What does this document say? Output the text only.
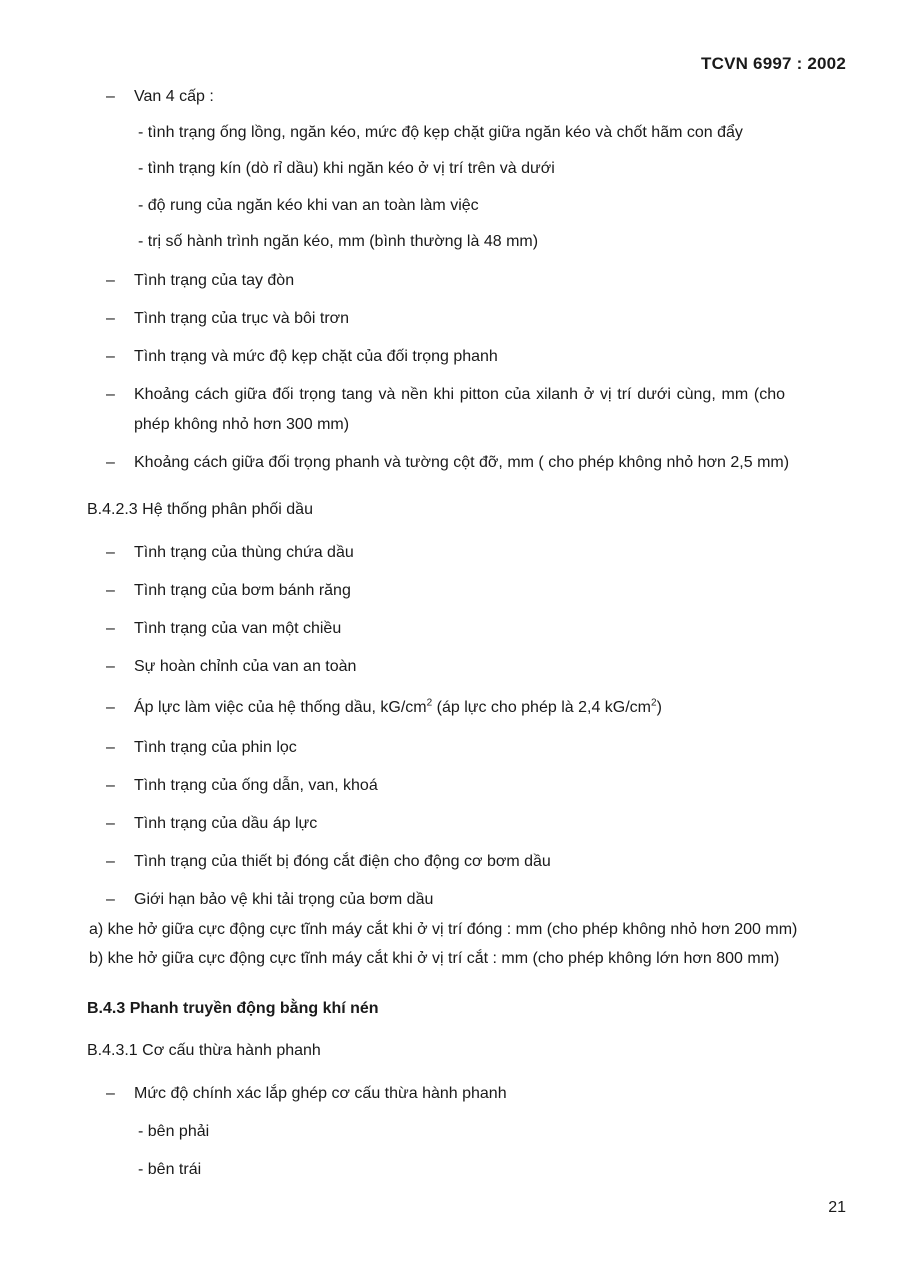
TCVN 6997 : 2002
– Van 4 cấp :
- tình trạng ống lồng, ngăn kéo, mức độ kẹp chặt giữa ngăn kéo và chốt hãm con đẩy
- tình trạng kín (dò rỉ dầu) khi ngăn kéo ở vị trí trên và dưới
- độ rung của ngăn kéo khi van an toàn làm việc
- trị số hành trình ngăn kéo, mm (bình thường là 48 mm)
– Tình trạng của tay đòn
– Tình trạng của trục và bôi trơn
– Tình trạng và mức độ kẹp chặt của đối trọng phanh
– Khoảng cách giữa đối trọng tang và nền khi pitton của xilanh ở vị trí dưới cùng, mm (cho
phép không nhỏ hơn 300 mm)
– Khoảng cách giữa đối trọng phanh và tường cột đỡ, mm ( cho phép không nhỏ hơn 2,5 mm)
B.4.2.3 Hệ thống phân phối dầu
– Tình trạng của thùng chứa dầu
– Tình trạng của bơm bánh răng
– Tình trạng của van một chiều
– Sự hoàn chỉnh của van an toàn
– Áp lực làm việc của hệ thống dầu, $kG/cm^2$ (áp lực cho phép là 2,4 $kG/cm^2$)
– Tình trạng của phin lọc
– Tình trạng của ống dẫn, van, khoá
– Tình trạng của dầu áp lực
– Tình trạng của thiết bị đóng cắt điện cho động cơ bơm dầu
– Giới hạn bảo vệ khi tải trọng của bơm dầu
a) khe hở giữa cực động cực tĩnh máy cắt khi ở vị trí đóng : mm (cho phép không nhỏ hơn 200 mm)
b) khe hở giữa cực động cực tĩnh máy cắt khi ở vị trí cắt : mm (cho phép không lớn hơn 800 mm)
B.4.3 Phanh truyền động bằng khí nén
B.4.3.1 Cơ cấu thừa hành phanh
– Mức độ chính xác lắp ghép cơ cấu thừa hành phanh
- bên phải
- bên trái
21
